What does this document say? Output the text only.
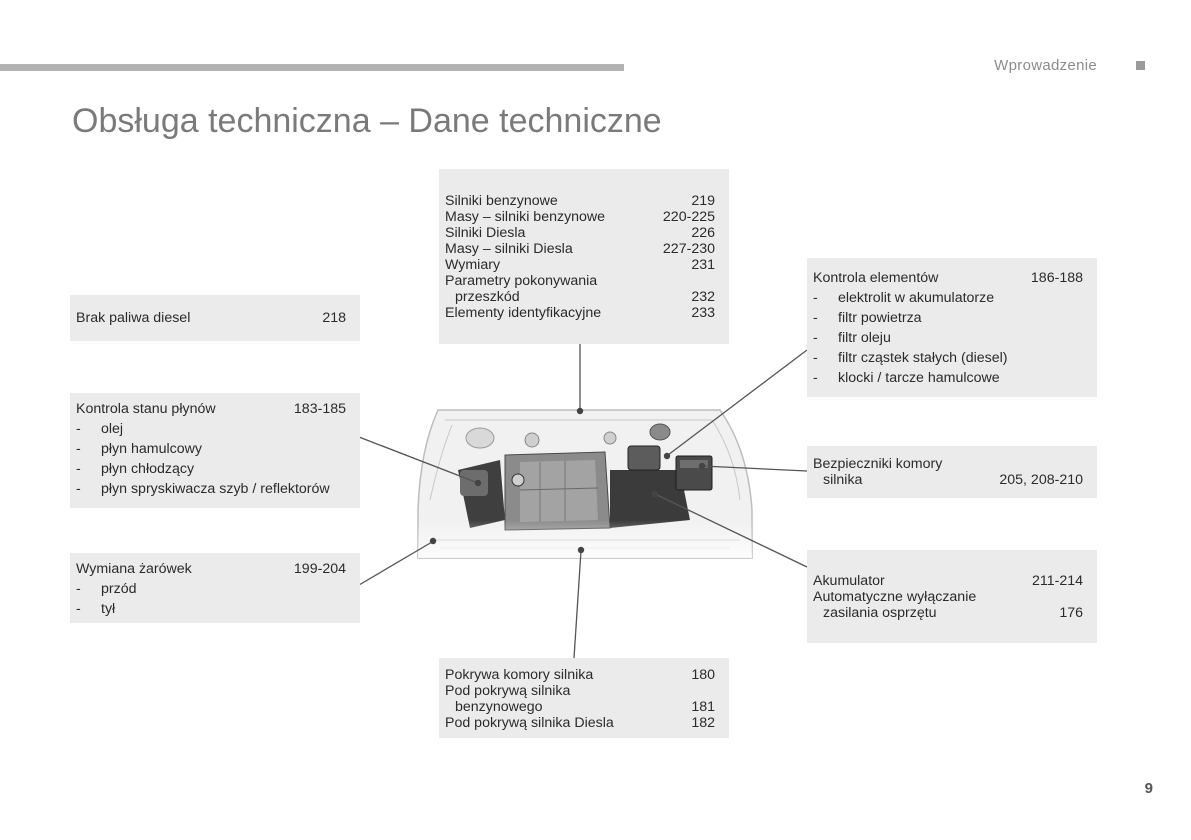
Wprowadzenie
Obsługa techniczna – Dane techniczne
Silniki benzynowe	219
Masy – silniki benzynowe	220-225
Silniki Diesla	226
Masy – silniki Diesla	227-230
Wymiary	231
Parametry pokonywania
przeszkód	232
Elementy identyfikacyjne	233
Brak paliwa diesel	218
Kontrola stanu płynów	183-185
-	olej
-	płyn hamulcowy
-	płyn chłodzący
-	płyn spryskiwacza szyb / reflektorów
Wymiana żarówek	199-204
-	przód
-	tył
Kontrola elementów	186-188
-	elektrolit w akumulatorze
-	filtr powietrza
-	filtr oleju
-	filtr cząstek stałych (diesel)
-	klocki / tarcze hamulcowe
Bezpieczniki komory
silnika	205, 208-210
Akumulator	211-214
Automatyczne wyłączanie
zasilania osprzętu	176
Pokrywa komory silnika	180
Pod pokrywą silnika
benzynowego	181
Pod pokrywą silnika Diesla	182
9
